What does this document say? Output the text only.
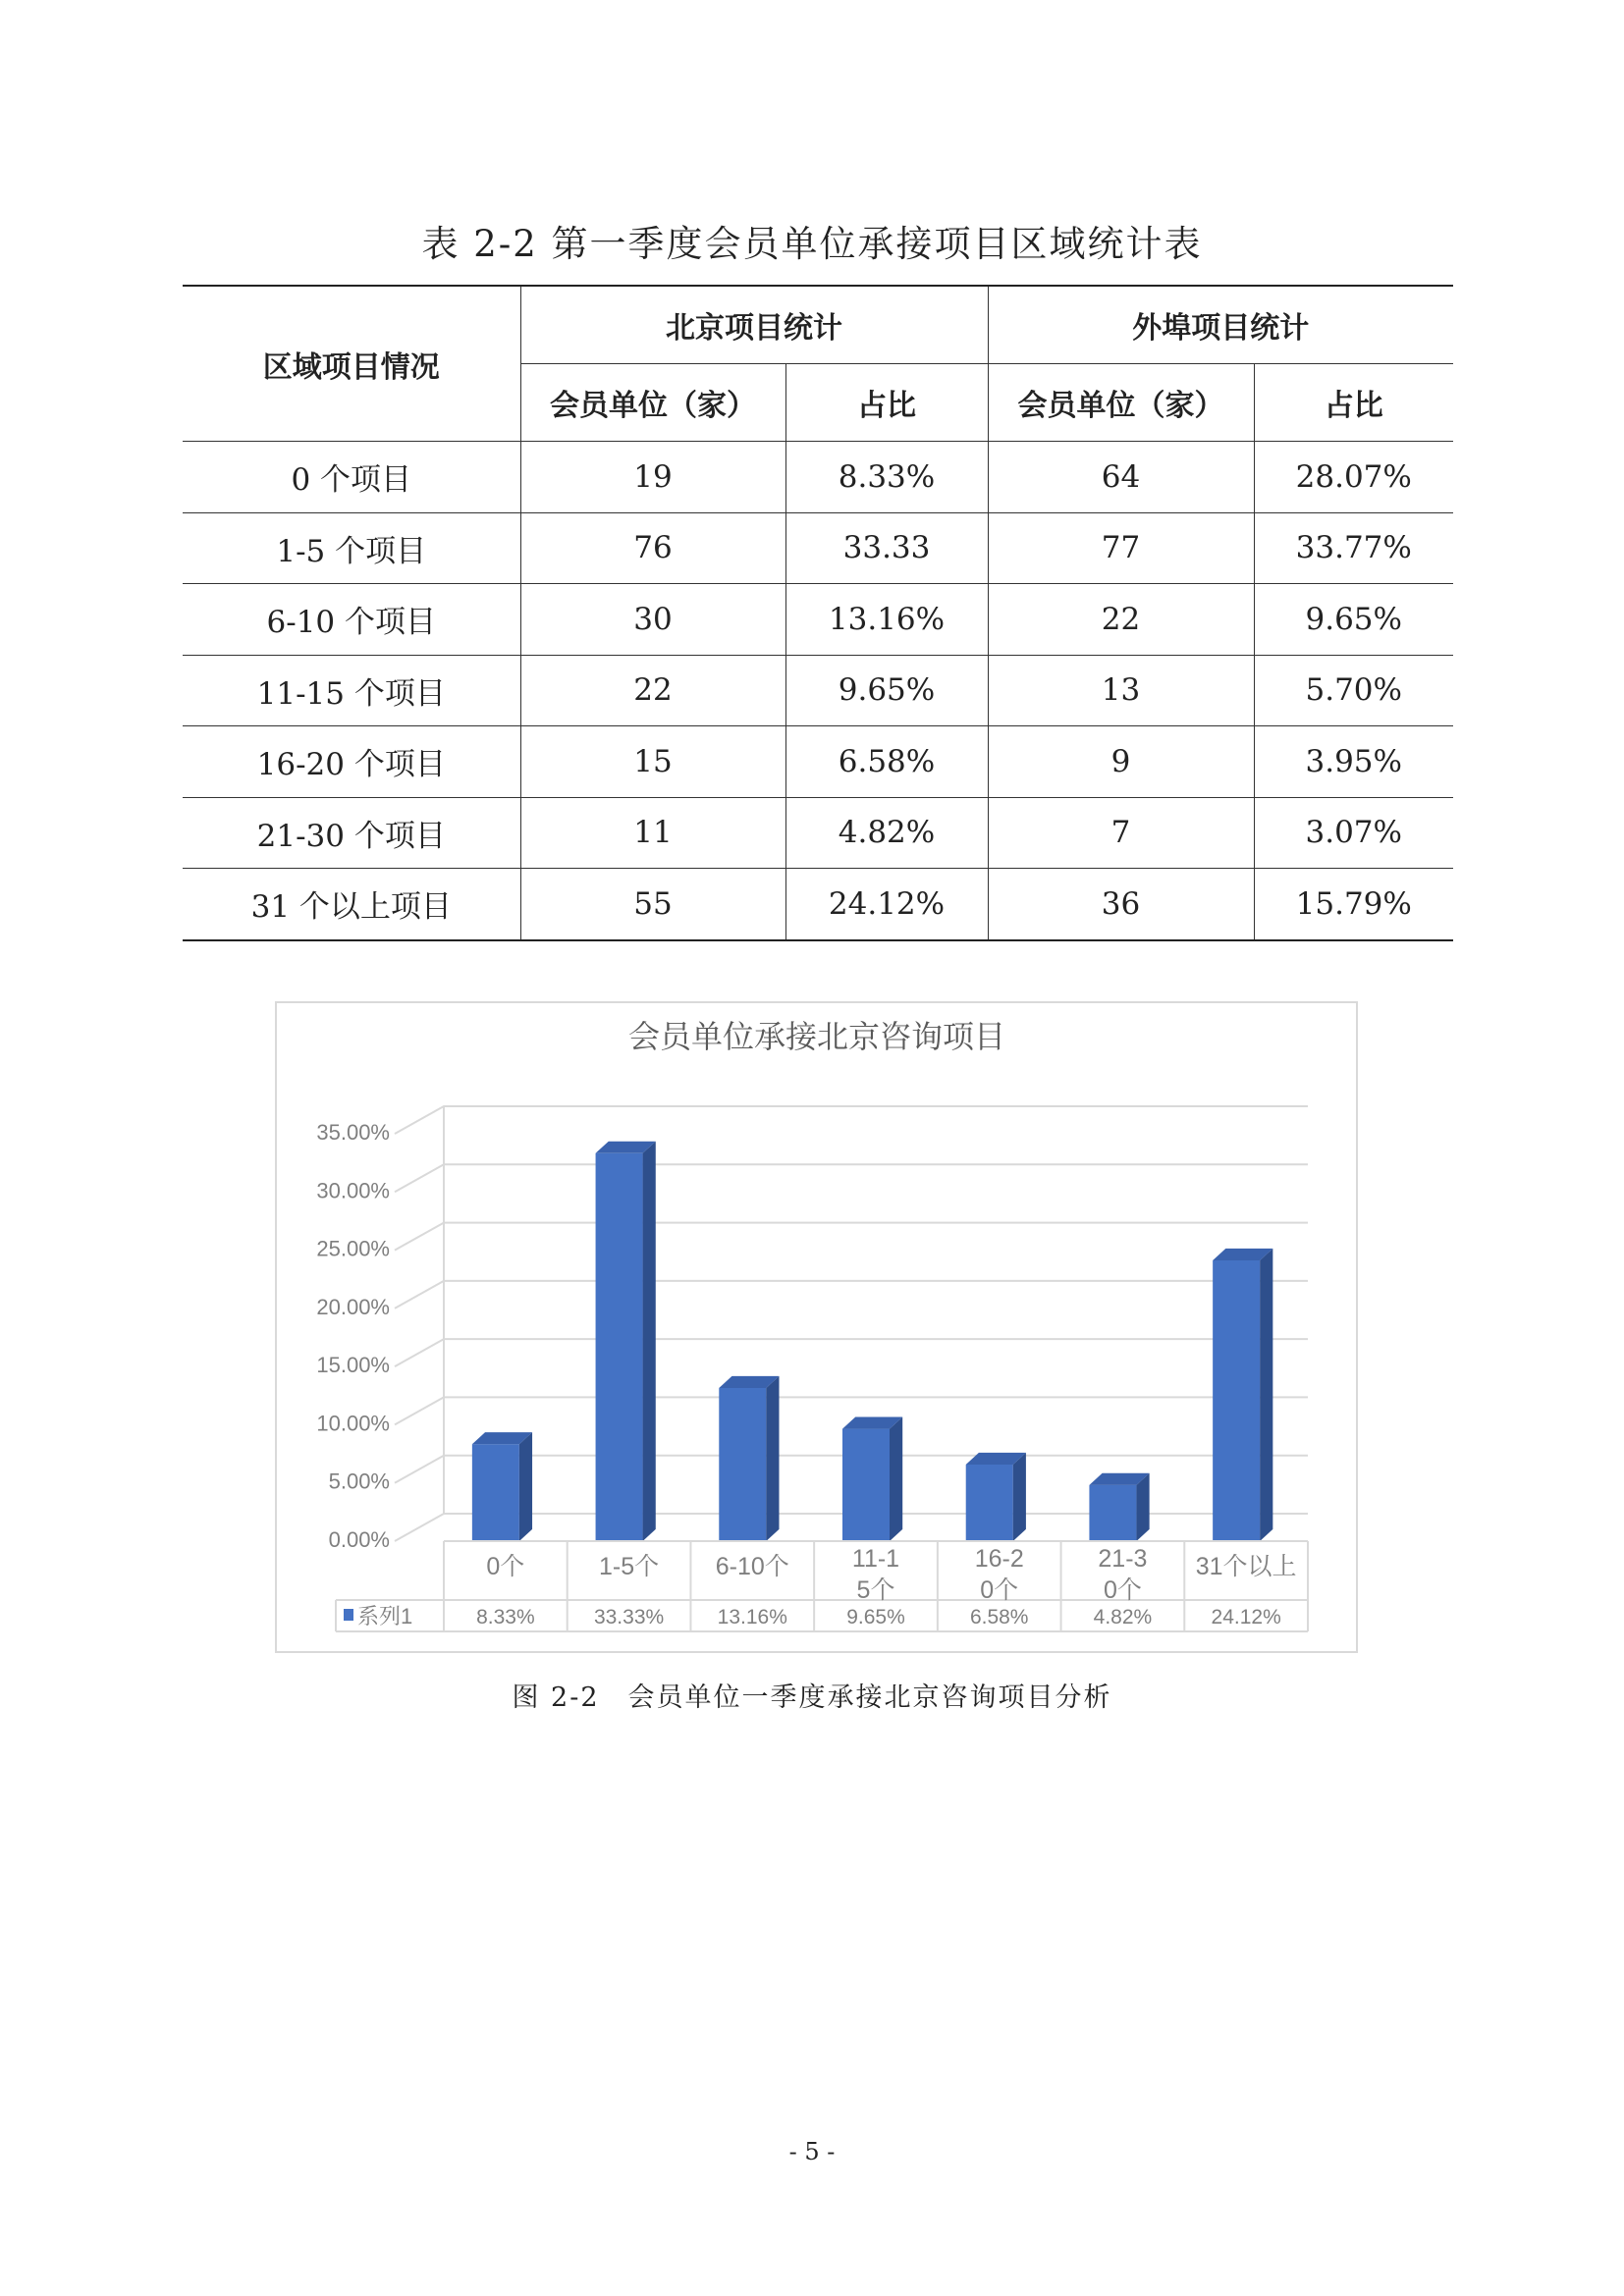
表 2-2 第一季度会员单位承接项目区域统计表
区域项目情况	北京项目统计		外埠项目统计	
	会员单位（家）	占比	会员单位（家）	占比
0 个项目	19	8.33%	64	28.07%
1-5 个项目	76	33.33	77	33.77%
6-10 个项目	30	13.16%	22	9.65%
11-15 个项目	22	9.65%	13	5.70%
16-20 个项目	15	6.58%	9	3.95%
21-30 个项目	11	4.82%	7	3.07%
31 个以上项目	55	24.12%	36	15.79%
会员单位承接北京咨询项目
0.00%
5.00%
10.00%
15.00%
20.00%
25.00%
30.00%
35.00%
0个
8.33%
1-5个
33.33%
6-10个
13.16%
11-1 5个
9.65%
16-2 0个
6.58%
21-3 0个
4.82%
31个以上
24.12%
系列1
图 2-2　会员单位一季度承接北京咨询项目分析
- 5 -
